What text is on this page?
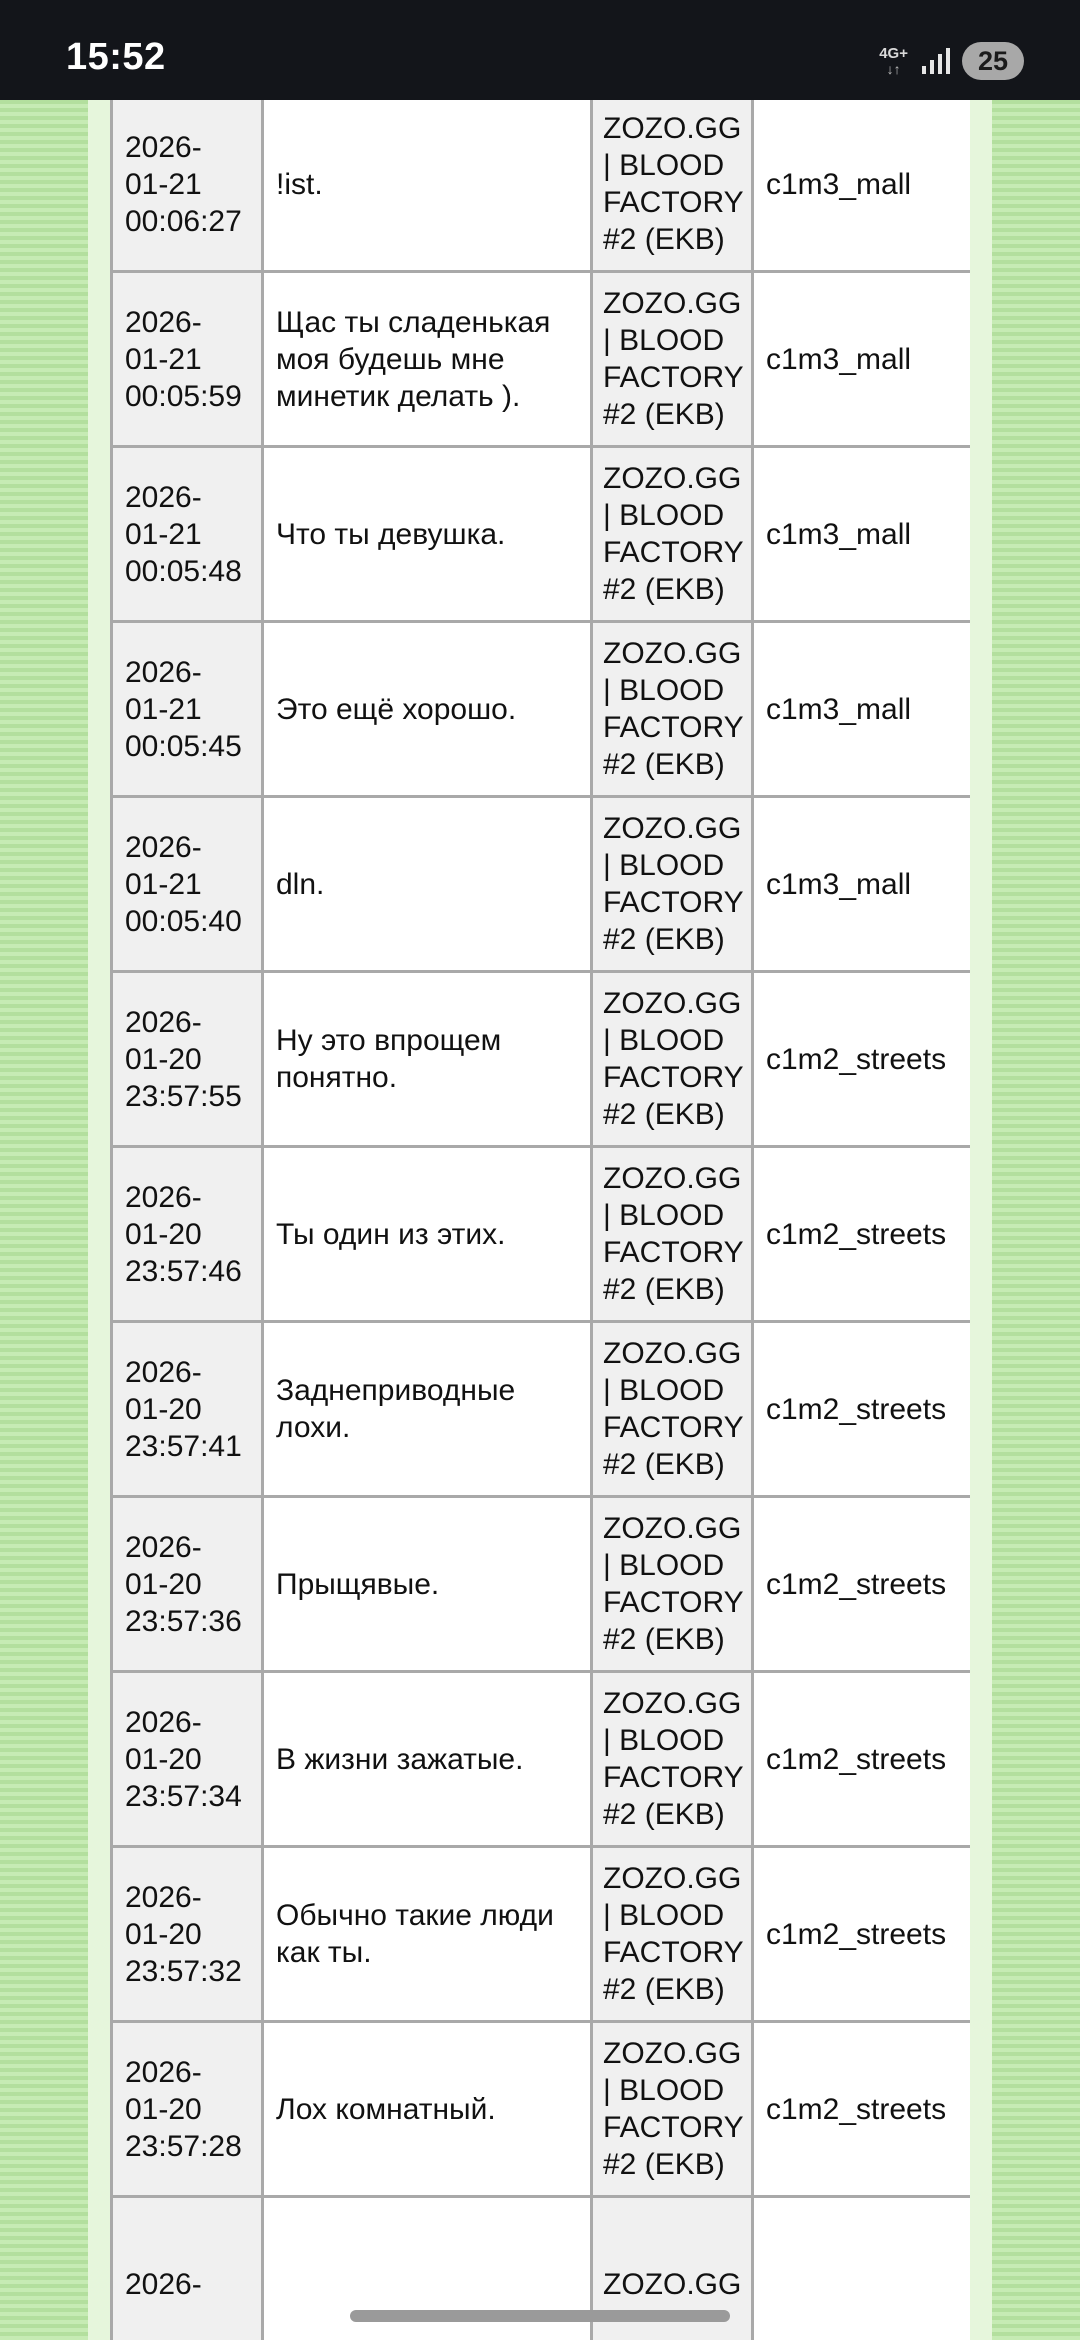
15:52	4G+
↓↑	25

2026-
01-21
00:06:27	!ist.	ZOZO.GG | BLOOD FACTORY #2 (EKB)	c1m3_mall
2026-
01-21
00:05:59	Щас ты сладенькая моя будешь мне минетик делать ).	ZOZO.GG | BLOOD FACTORY #2 (EKB)	c1m3_mall
2026-
01-21
00:05:48	Что ты девушка.	ZOZO.GG | BLOOD FACTORY #2 (EKB)	c1m3_mall
2026-
01-21
00:05:45	Это ещё хорошо.	ZOZO.GG | BLOOD FACTORY #2 (EKB)	c1m3_mall
2026-
01-21
00:05:40	dln.	ZOZO.GG | BLOOD FACTORY #2 (EKB)	c1m3_mall
2026-
01-20
23:57:55	Ну это впрощем понятно.	ZOZO.GG | BLOOD FACTORY #2 (EKB)	c1m2_streets
2026-
01-20
23:57:46	Ты один из этих.	ZOZO.GG | BLOOD FACTORY #2 (EKB)	c1m2_streets
2026-
01-20
23:57:41	Заднеприводные лохи.	ZOZO.GG | BLOOD FACTORY #2 (EKB)	c1m2_streets
2026-
01-20
23:57:36	Прыщявые.	ZOZO.GG | BLOOD FACTORY #2 (EKB)	c1m2_streets
2026-
01-20
23:57:34	В жизни зажатые.	ZOZO.GG | BLOOD FACTORY #2 (EKB)	c1m2_streets
2026-
01-20
23:57:32	Обычно такие люди как ты.	ZOZO.GG | BLOOD FACTORY #2 (EKB)	c1m2_streets
2026-
01-20
23:57:28	Лох комнатный.	ZOZO.GG | BLOOD FACTORY #2 (EKB)	c1m2_streets
2026-		ZOZO.GG	
